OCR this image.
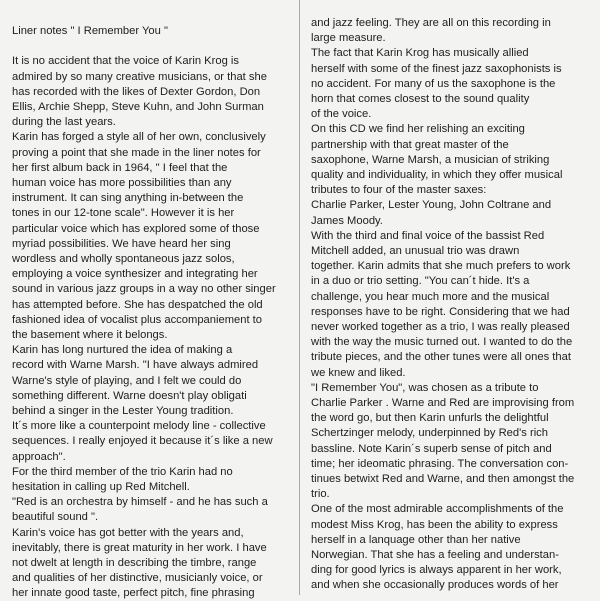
Liner notes " I Remember You "
It is no accident that the voice of Karin Krog is
admired by so many creative musicians, or that she
has recorded with the likes of Dexter Gordon, Don
Ellis, Archie Shepp, Steve Kuhn, and John Surman
during the last years.
Karin has forged a style all of her own, conclusively
proving a point that she made in the liner notes for
her first album back in 1964, " I feel that the
human voice has more possibilities than any
instrument. It can sing anything in-between the
tones in our 12-tone scale". However it is her
particular voice which has explored some of those
myriad possibilities. We have heard her sing
wordless and wholly spontaneous jazz solos,
employing a voice synthesizer and integrating her
sound in various jazz groups in a way no other singer
has attempted before. She has despatched the old
fashioned idea of vocalist plus accompaniement to
the basement where it belongs.
Karin has long nurtured the idea of making a
record with Warne Marsh. "I have always admired
Warne's style of playing, and I felt we could do
something different. Warne doesn't play obligati
behind a singer in the Lester Young tradition.
It´s more like a counterpoint melody line - collective
sequences. I really enjoyed it because it´s like a new
approach".
For the third member of the trio Karin had no
hesitation in calling up Red Mitchell.
"Red is an orchestra by himself - and he has such a
beautiful sound ".
Karin's voice has got better with the years and,
inevitably, there is great maturity in her work. I have
not dwelt at length in describing the timbre, range
and qualities of her distinctive, musicianly voice, or
her innate good taste, perfect pitch, fine phrasing
and jazz feeling. They are all on this recording in
large measure.
The fact that Karin Krog has musically allied
herself with some of the finest jazz saxophonists is
no accident. For many of us the saxophone is the
horn that comes closest to the sound quality
of the voice.
On this CD we find her relishing an exciting
partnership with that great master of the
saxophone, Warne Marsh, a musician of striking
quality and individuality, in which they offer musical
tributes to four of the master saxes:
Charlie Parker, Lester Young, John Coltrane and
James Moody.
With the third and final voice of the bassist Red
Mitchell added, an unusual trio was drawn
together. Karin admits that she much prefers to work
in a duo or trio setting. "You can´t hide. It's a
challenge, you hear much more and the musical
responses have to be right. Considering that we had
never worked together as a trio, I was really pleased
with the way the music turned out. I wanted to do the
tribute pieces, and the other tunes were all ones that
we knew and liked.
"I Remember You", was chosen as a tribute to
Charlie Parker . Warne and Red are improvising from
the word go, but then Karin unfurls the delightful
Schertzinger melody, underpinned by Red's rich
bassline. Note Karin´s superb sense of pitch and
time; her ideomatic phrasing. The conversation con-
tinues betwixt Red and Warne, and then amongst the
trio.
One of the most admirable accomplishments of the
modest Miss Krog, has been the ability to express
herself in a lanquage other than her native
Norwegian. That she has a feeling and understan-
ding for good lyrics is always apparent in her work,
and when she occasionally produces words of her
